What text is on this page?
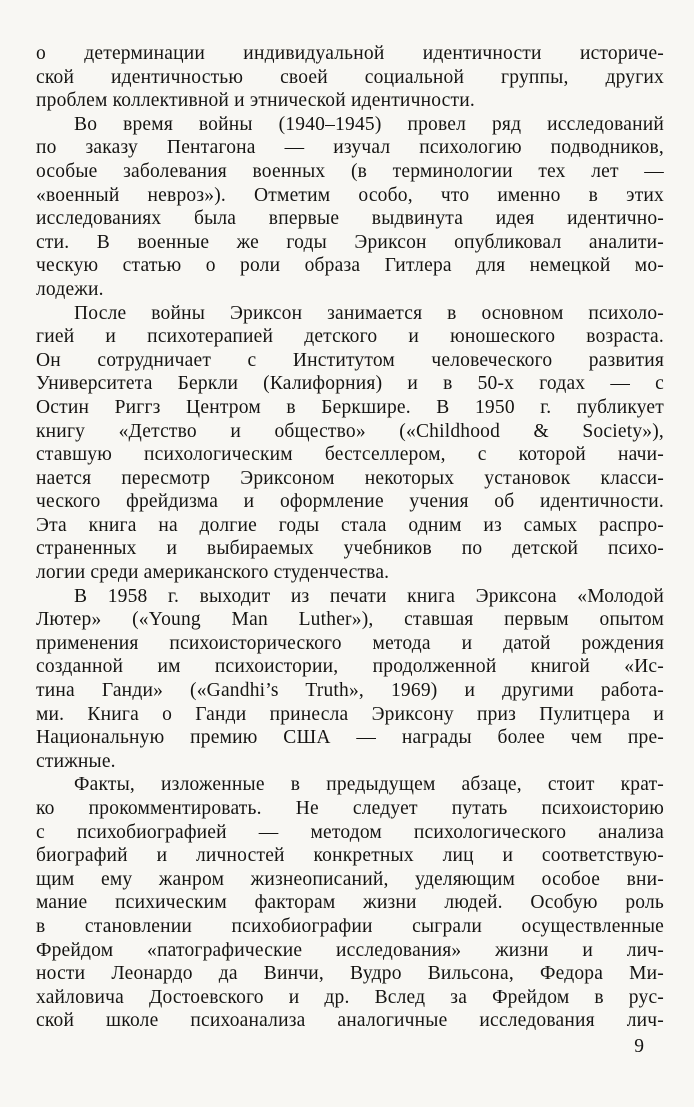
о детерминации индивидуальной идентичности историче-
ской идентичностью своей социальной группы, других
проблем коллективной и этнической идентичности.
Во время войны (1940–1945) провел ряд исследований
по заказу Пентагона — изучал психологию подводников,
особые заболевания военных (в терминологии тех лет —
«военный невроз»). Отметим особо, что именно в этих
исследованиях была впервые выдвинута идея идентично-
сти. В военные же годы Эриксон опубликовал аналити-
ческую статью о роли образа Гитлера для немецкой мо-
лодежи.
После войны Эриксон занимается в основном психоло-
гией и психотерапией детского и юношеского возраста.
Он сотрудничает с Институтом человеческого развития
Университета Беркли (Калифорния) и в 50-х годах — с
Остин Риггз Центром в Беркшире. В 1950 г. публикует
книгу «Детство и общество» («Childhood & Society»),
ставшую психологическим бестселлером, с которой начи-
нается пересмотр Эриксоном некоторых установок класси-
ческого фрейдизма и оформление учения об идентичности.
Эта книга на долгие годы стала одним из самых распро-
страненных и выбираемых учебников по детской психо-
логии среди американского студенчества.
В 1958 г. выходит из печати книга Эриксона «Молодой
Лютер» («Young Man Luther»), ставшая первым опытом
применения психоисторического метода и датой рождения
созданной им психоистории, продолженной книгой «Ис-
тина Ганди» («Gandhi’s Truth», 1969) и другими работа-
ми. Книга о Ганди принесла Эриксону приз Пулитцера и
Национальную премию США — награды более чем пре-
стижные.
Факты, изложенные в предыдущем абзаце, стоит крат-
ко прокомментировать. Не следует путать психоисторию
с психобиографией — методом психологического анализа
биографий и личностей конкретных лиц и соответствую-
щим ему жанром жизнеописаний, уделяющим особое вни-
мание психическим факторам жизни людей. Особую роль
в становлении психобиографии сыграли осуществленные
Фрейдом «патографические исследования» жизни и лич-
ности Леонардо да Винчи, Вудро Вильсона, Федора Ми-
хайловича Достоевского и др. Вслед за Фрейдом в рус-
ской школе психоанализа аналогичные исследования лич-
9
